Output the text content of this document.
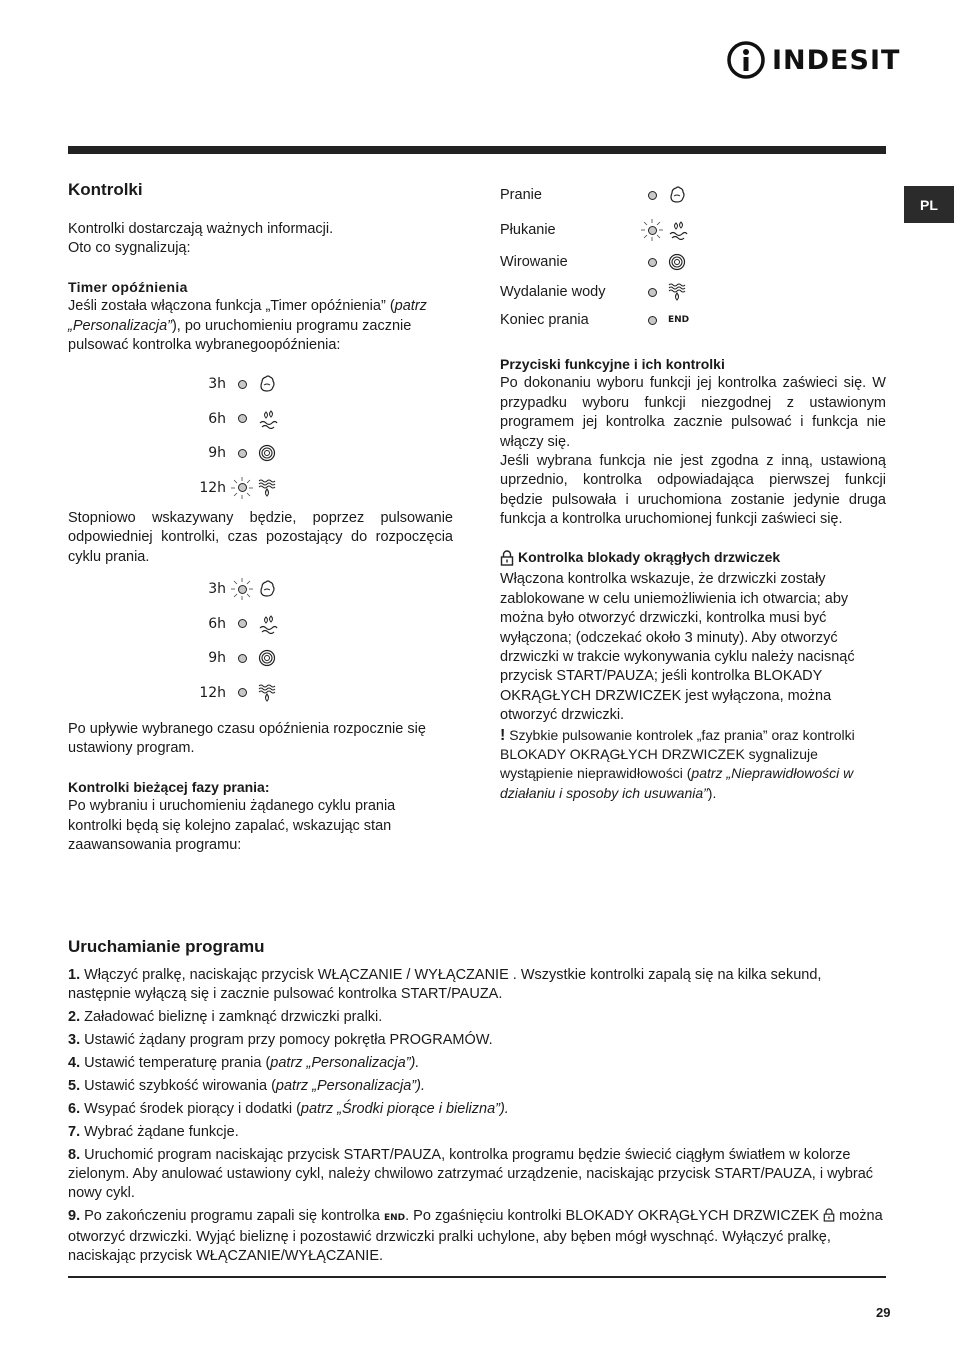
INDESIT
PL
Kontrolki

Kontrolki dostarczają ważnych informacji.

Oto co sygnalizują:

Timer opóźnienia

Jeśli została włączona funkcja „Timer opóźnienia” (patrz „Personalizacja”), po uruchomieniu programu zacznie pulsować kontrolka wybranegoopóźnienia:

3h
6h
9h
12h
Stopniowo wskazywany będzie, poprzez pulsowanie odpowiedniej kontrolki, czas pozostający do rozpoczęcia cyklu prania.
3h
6h
9h
12h
Po upływie wybranego czasu opóźnienia rozpocznie się ustawiony program.

Kontrolki bieżącej fazy prania:

Po wybraniu i uruchomieniu żądanego cyklu prania kontrolki będą się kolejno zapalać, wskazując stan zaawansowania programu:

Pranie
Płukanie
Wirowanie
Wydalanie wody
Koniec prania	END

Przyciski funkcyjne i ich kontrolki

Po dokonaniu wyboru funkcji jej kontrolka zaświeci się. W przypadku wyboru funkcji niezgodnej z ustawionym programem jej kontrolka zacznie pulsować i funkcja nie włączy się.

Jeśli wybrana funkcja nie jest zgodna z inną, ustawioną uprzednio, kontrolka odpowiadająca pierwszej funkcji będzie pulsowała i uruchomiona zostanie jedynie druga funkcja a kontrolka uruchomionej funkcji zaświeci się.

Kontrolka blokady okrągłych drzwiczek

Włączona kontrolka wskazuje, że drzwiczki zostały zablokowane w celu uniemożliwienia ich otwarcia; aby można było otworzyć drzwiczki, kontrolka musi być wyłączona; (odczekać około 3 minuty). Aby otworzyć drzwiczki w trakcie wykonywania cyklu należy nacisnąć przycisk START/PAUZA; jeśli kontrolka BLOKADY OKRĄGŁYCH DRZWICZEK jest wyłączona, można otworzyć drzwiczki.

! Szybkie pulsowanie kontrolek „faz prania” oraz kontrolki BLOKADY OKRĄGŁYCH DRZWICZEK sygnalizuje wystąpienie nieprawidłowości (patrz „Nieprawidłowości w działaniu i sposoby ich usuwania”).

Uruchamianie programu

1. Włączyć pralkę, naciskając przycisk WŁĄCZANIE / WYŁĄCZANIE . Wszystkie kontrolki zapalą się na kilka sekund, następnie wyłączą się i zacznie pulsować kontrolka START/PAUZA.

2. Załadować bieliznę i zamknąć drzwiczki pralki.

3. Ustawić żądany program przy pomocy pokrętła PROGRAMÓW.

4. Ustawić temperaturę prania (patrz „Personalizacja”).

5. Ustawić szybkość wirowania (patrz „Personalizacja”).

6. Wsypać środek piorący i dodatki (patrz „Środki piorące i bielizna”).

7. Wybrać żądane funkcje.

8. Uruchomić program naciskając przycisk START/PAUZA, kontrolka programu będzie świecić ciągłym światłem w kolorze zielonym. Aby anulować ustawiony cykl, należy chwilowo zatrzymać urządzenie, naciskając przycisk START/PAUZA, i wybrać nowy cykl.

9. Po zakończeniu programu zapali się kontrolka END. Po zgaśnięciu kontrolki BLOKADY OKRĄGŁYCH DRZWICZEK można otworzyć drzwiczki. Wyjąć bieliznę i pozostawić drzwiczki pralki uchylone, aby bęben mógł wyschnąć. Wyłączyć pralkę, naciskając przycisk WŁĄCZANIE/WYŁĄCZANIE.

29
